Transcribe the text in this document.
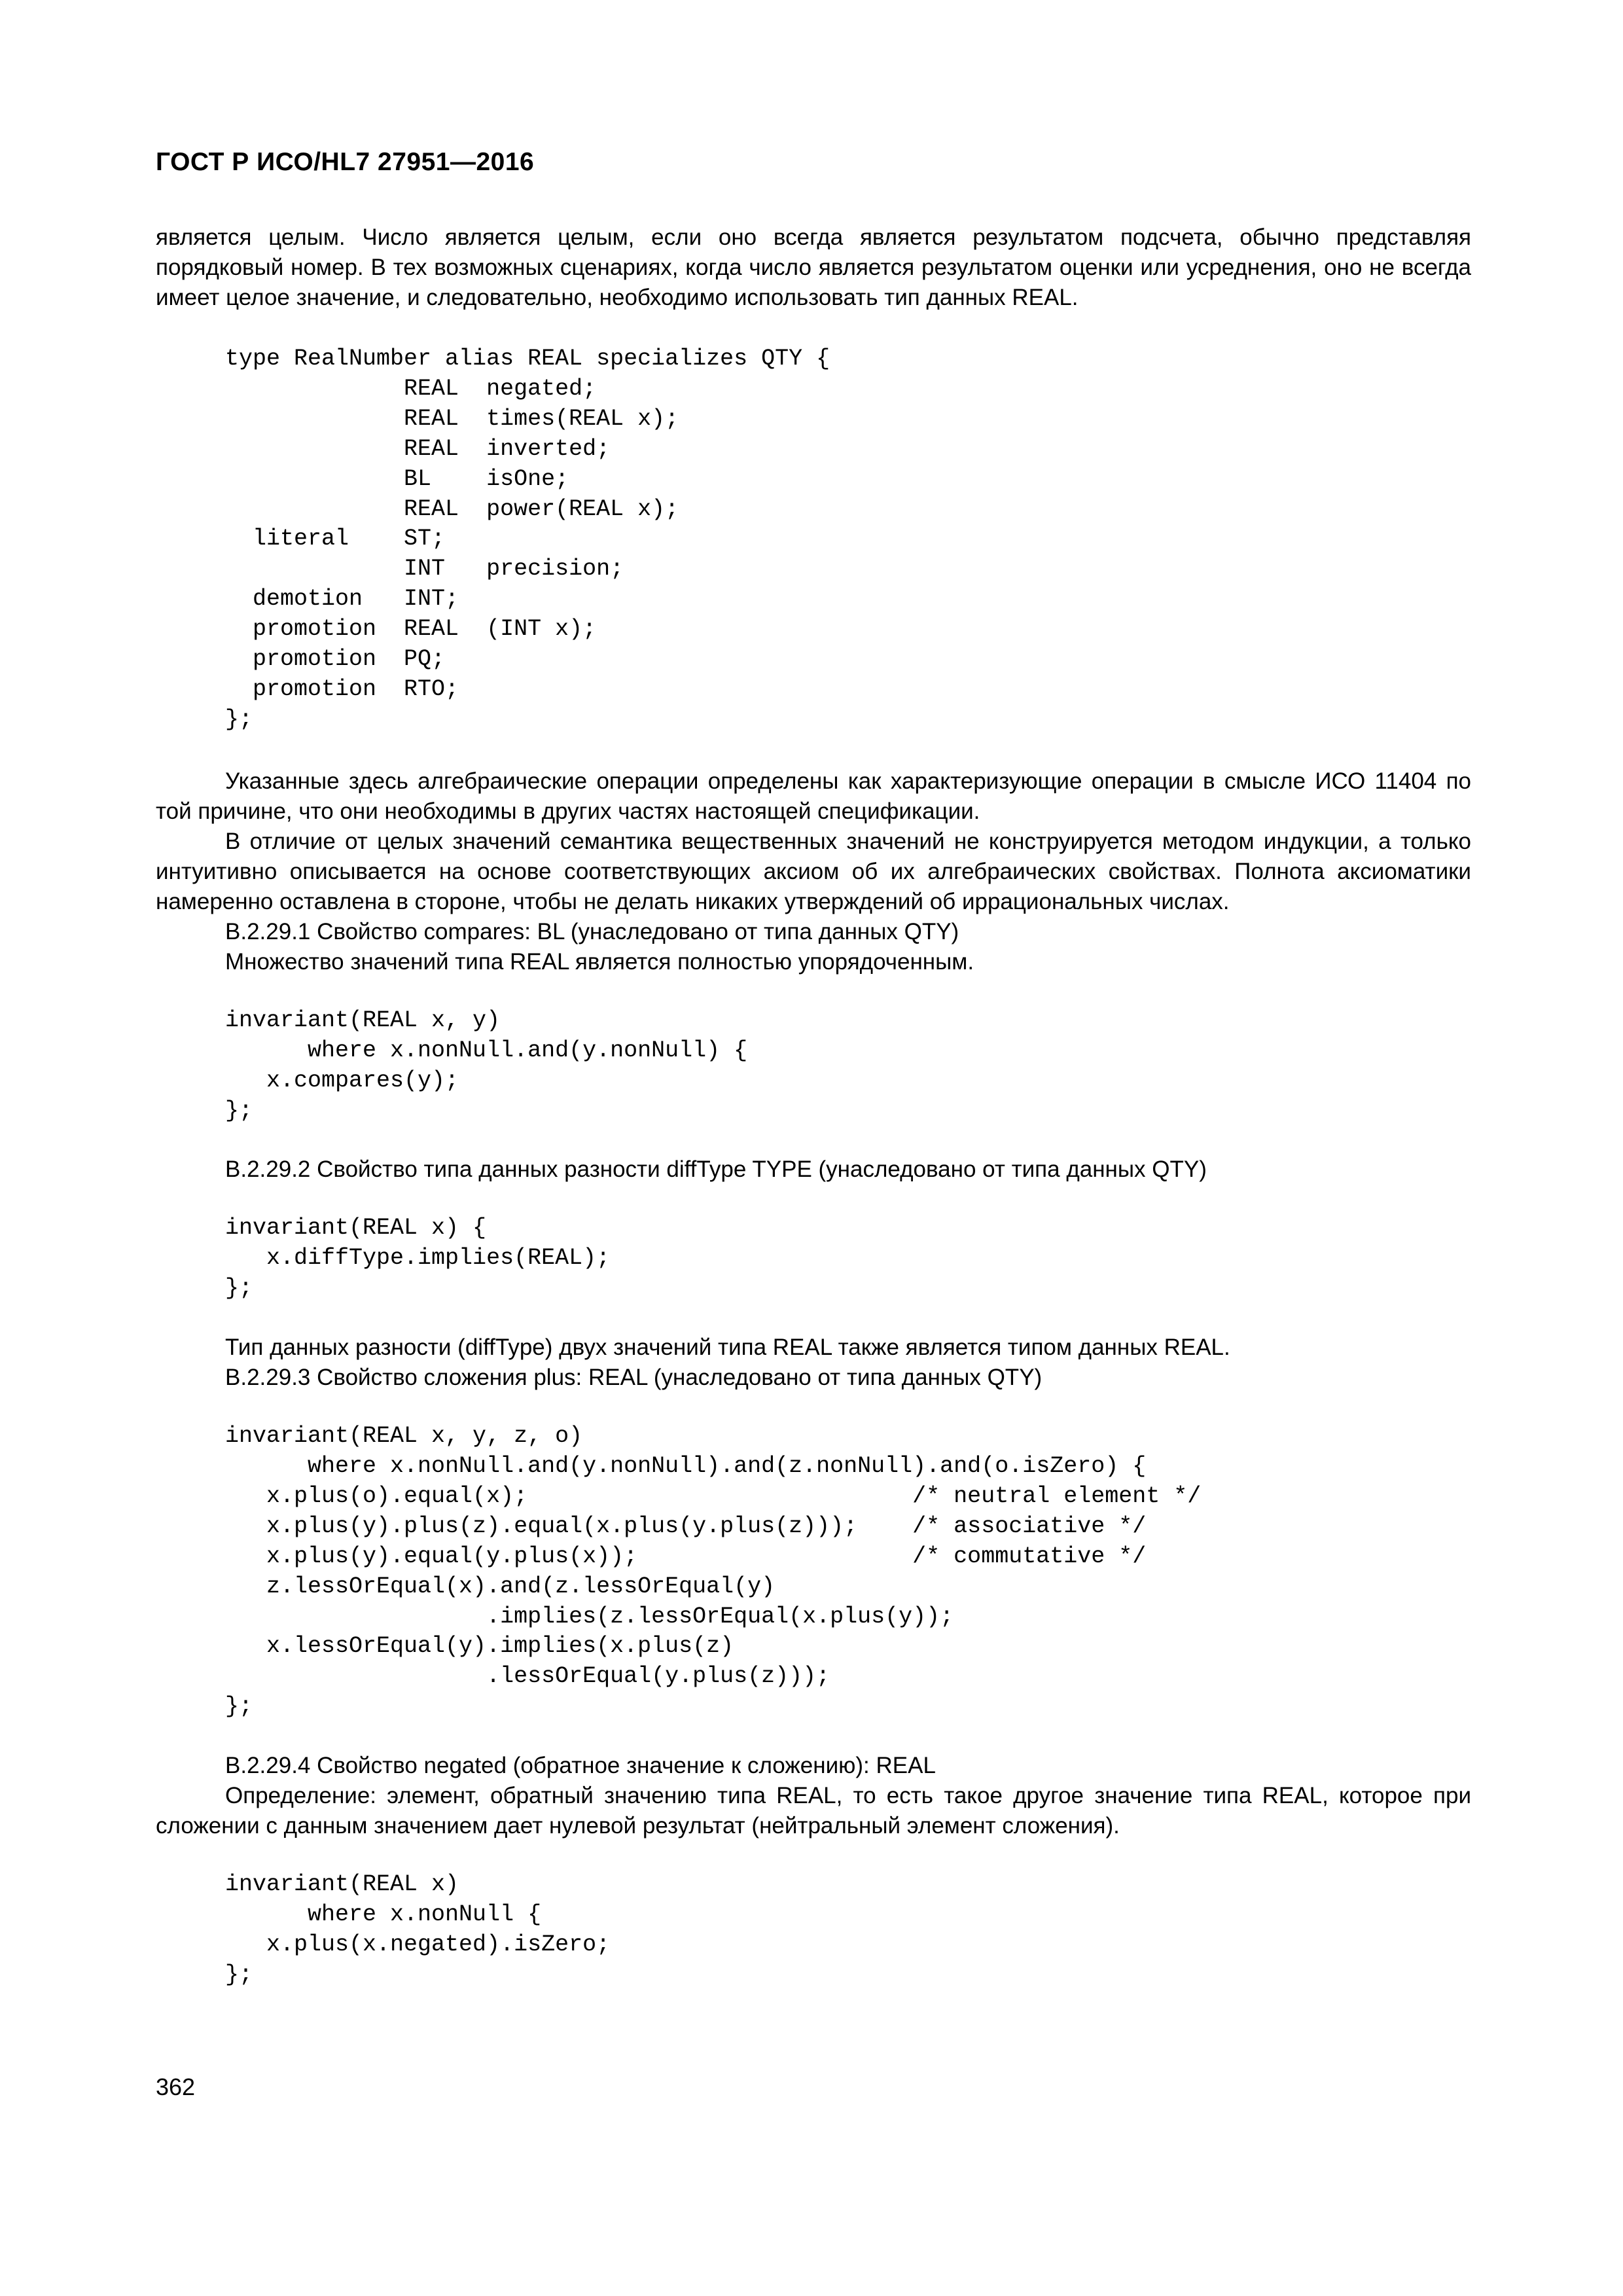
ГОСТ Р ИСО/HL7 27951—2016

является целым. Число является целым, если оно всегда является результатом подсчета, обычно представляя порядковый номер. В тех возможных сценариях, когда число является результатом оценки или усреднения, оно не всегда имеет целое значение, и следовательно, необходимо использовать тип данных REAL.

type RealNumber alias REAL specializes QTY {
REAL  negated;
REAL  times(REAL x);
REAL  inverted;
BL    isOne;
REAL  power(REAL x);
literal    ST;
INT   precision;
demotion   INT;
promotion  REAL  (INT x);
promotion  PQ;
promotion  RTO;
};

Указанные здесь алгебраические операции определены как характеризующие операции в смысле ИСО 11404 по той причине, что они необходимы в других частях настоящей спецификации.

В отличие от целых значений семантика вещественных значений не конструируется методом индукции, а только интуитивно описывается на основе соответствующих аксиом об их алгебраических свойствах. Полнота аксиоматики намеренно оставлена в стороне, чтобы не делать никаких утверждений об иррациональных числах.

B.2.29.1 Свойство compares: BL (унаследовано от типа данных QTY)

Множество значений типа REAL является полностью упорядоченным.

invariant(REAL x, y)
where x.nonNull.and(y.nonNull) {
x.compares(y);
};

B.2.29.2 Свойство типа данных разности diffType TYPE (унаследовано от типа данных QTY)

invariant(REAL x) {
x.diffType.implies(REAL);
};

Тип данных разности (diffType) двух значений типа REAL также является типом данных REAL.

B.2.29.3 Свойство сложения plus: REAL (унаследовано от типа данных QTY)

invariant(REAL x, y, z, o)
where x.nonNull.and(y.nonNull).and(z.nonNull).and(o.isZero) {
x.plus(o).equal(x);                            /* neutral element */
x.plus(y).plus(z).equal(x.plus(y.plus(z)));    /* associative */
x.plus(y).equal(y.plus(x));                    /* commutative */
z.lessOrEqual(x).and(z.lessOrEqual(y)
.implies(z.lessOrEqual(x.plus(y));
x.lessOrEqual(y).implies(x.plus(z)
.lessOrEqual(y.plus(z)));
};

B.2.29.4 Свойство negated (обратное значение к сложению): REAL

Определение: элемент, обратный значению типа REAL, то есть такое другое значение типа REAL, которое при сложении с данным значением дает нулевой результат (нейтральный элемент сложения).

invariant(REAL x)
where x.nonNull {
x.plus(x.negated).isZero;
};
362
